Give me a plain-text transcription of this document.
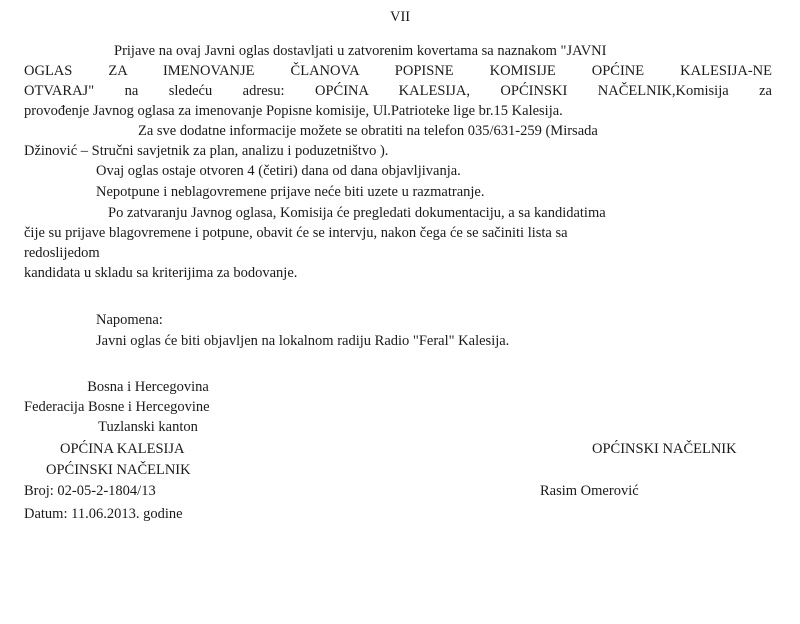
VII
Prijave na ovaj Javni oglas dostavljati u zatvorenim kovertama sa naznakom "JAVNI
OGLAS ZA IMENOVANJE ČLANOVA POPISNE KOMISIJE OPĆINE KALESIJA-NE
OTVARAJ" na sledeću adresu: OPĆINA KALESIJA, OPĆINSKI NAČELNIK,Komisija za
provođenje Javnog oglasa za imenovanje Popisne komisije, Ul.Patrioteke lige br.15 Kalesija.
Za sve dodatne informacije možete se obratiti na telefon 035/631-259 (Mirsada
Džinović – Stručni savjetnik za plan, analizu i poduzetništvo ).
Ovaj oglas ostaje otvoren 4 (četiri) dana od dana objavljivanja.
Nepotpune i neblagovremene prijave neće biti uzete u razmatranje.
Po zatvaranju Javnog oglasa, Komisija će pregledati dokumentaciju, a sa kandidatima
čije su prijave blagovremene i potpune, obavit će se intervju, nakon čega će se sačiniti lista sa
redoslijedom
kandidata u skladu sa kriterijima za bodovanje.
Napomena:
Javni oglas će biti objavljen na lokalnom radiju Radio "Feral" Kalesija.
Bosna i Hercegovina
Federacija Bosne i Hercegovine
Tuzlanski kanton
OPĆINA KALESIJA
OPĆINSKI NAČELNIK
Broj: 02-05-2-1804/13
Datum: 11.06.2013. godine
OPĆINSKI NAČELNIK
Rasim Omerović
